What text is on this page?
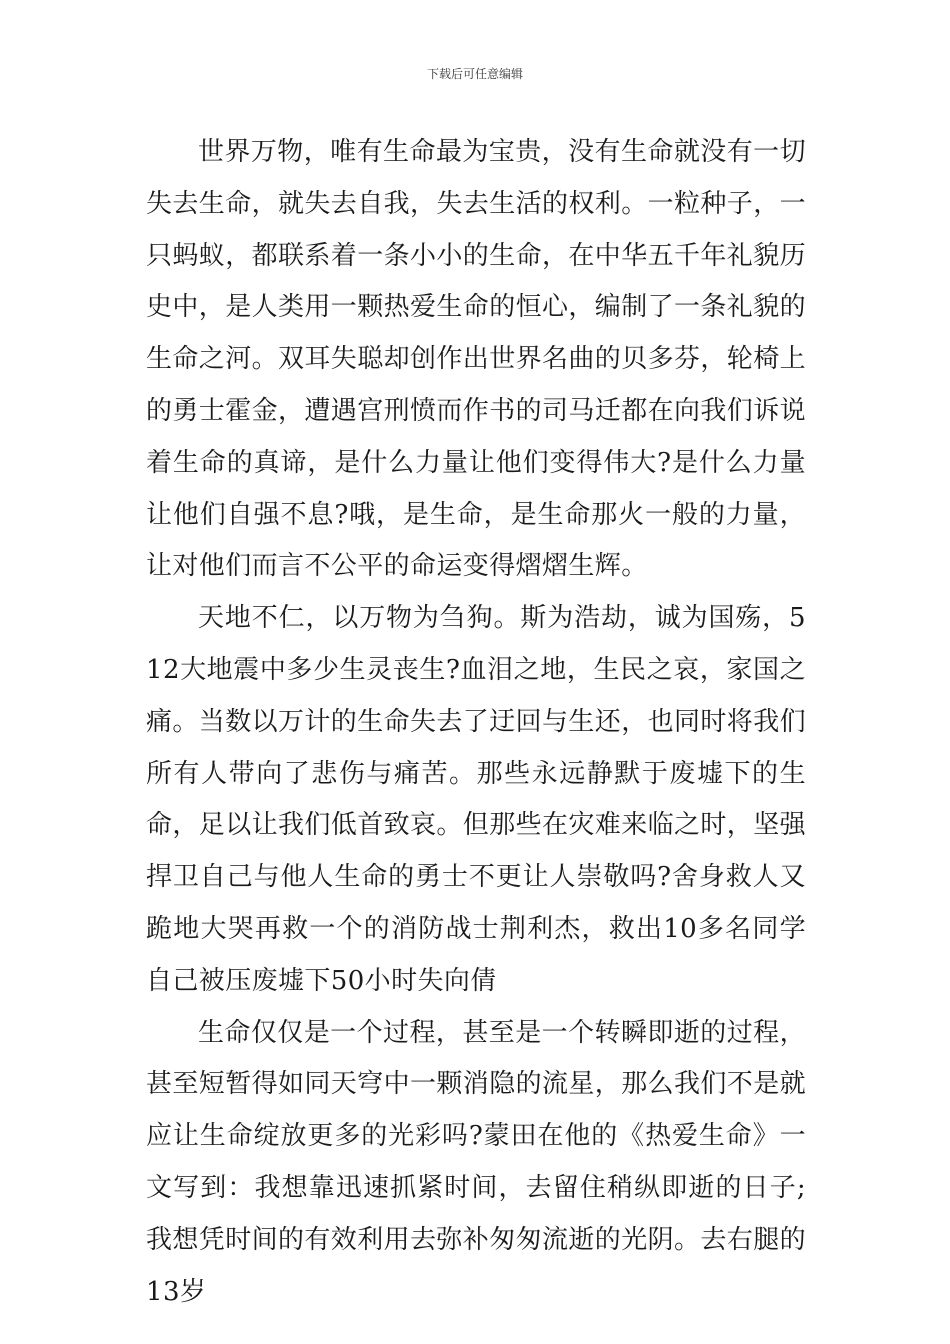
下载后可任意编辑

世界万物，唯有生命最为宝贵，没有生命就没有一切失去生命，就失去自我，失去生活的权利。一粒种子，一只蚂蚁，都联系着一条小小的生命，在中华五千年礼貌历史中，是人类用一颗热爱生命的恒心，编制了一条礼貌的生命之河。双耳失聪却创作出世界名曲的贝多芬，轮椅上的勇士霍金，遭遇宫刑愤而作书的司马迁都在向我们诉说着生命的真谛，是什么力量让他们变得伟大?是什么力量让他们自强不息?哦，是生命，是生命那火一般的力量，让对他们而言不公平的命运变得熠熠生辉。

天地不仁，以万物为刍狗。斯为浩劫，诚为国殇，512大地震中多少生灵丧生?血泪之地，生民之哀，家国之痛。当数以万计的生命失去了迂回与生还，也同时将我们所有人带向了悲伤与痛苦。那些永远静默于废墟下的生命，足以让我们低首致哀。但那些在灾难来临之时，坚强捍卫自己与他人生命的勇士不更让人崇敬吗?舍身救人又跪地大哭再救一个的消防战士荆利杰，救出10多名同学自己被压废墟下50小时失向倩

生命仅仅是一个过程，甚至是一个转瞬即逝的过程，甚至短暂得如同天穹中一颗消隐的流星，那么我们不是就应让生命绽放更多的光彩吗?蒙田在他的《热爱生命》一文写到：我想靠迅速抓紧时间，去留住稍纵即逝的日子;我想凭时间的有效利用去弥补匆匆流逝的光阴。去右腿的13岁
